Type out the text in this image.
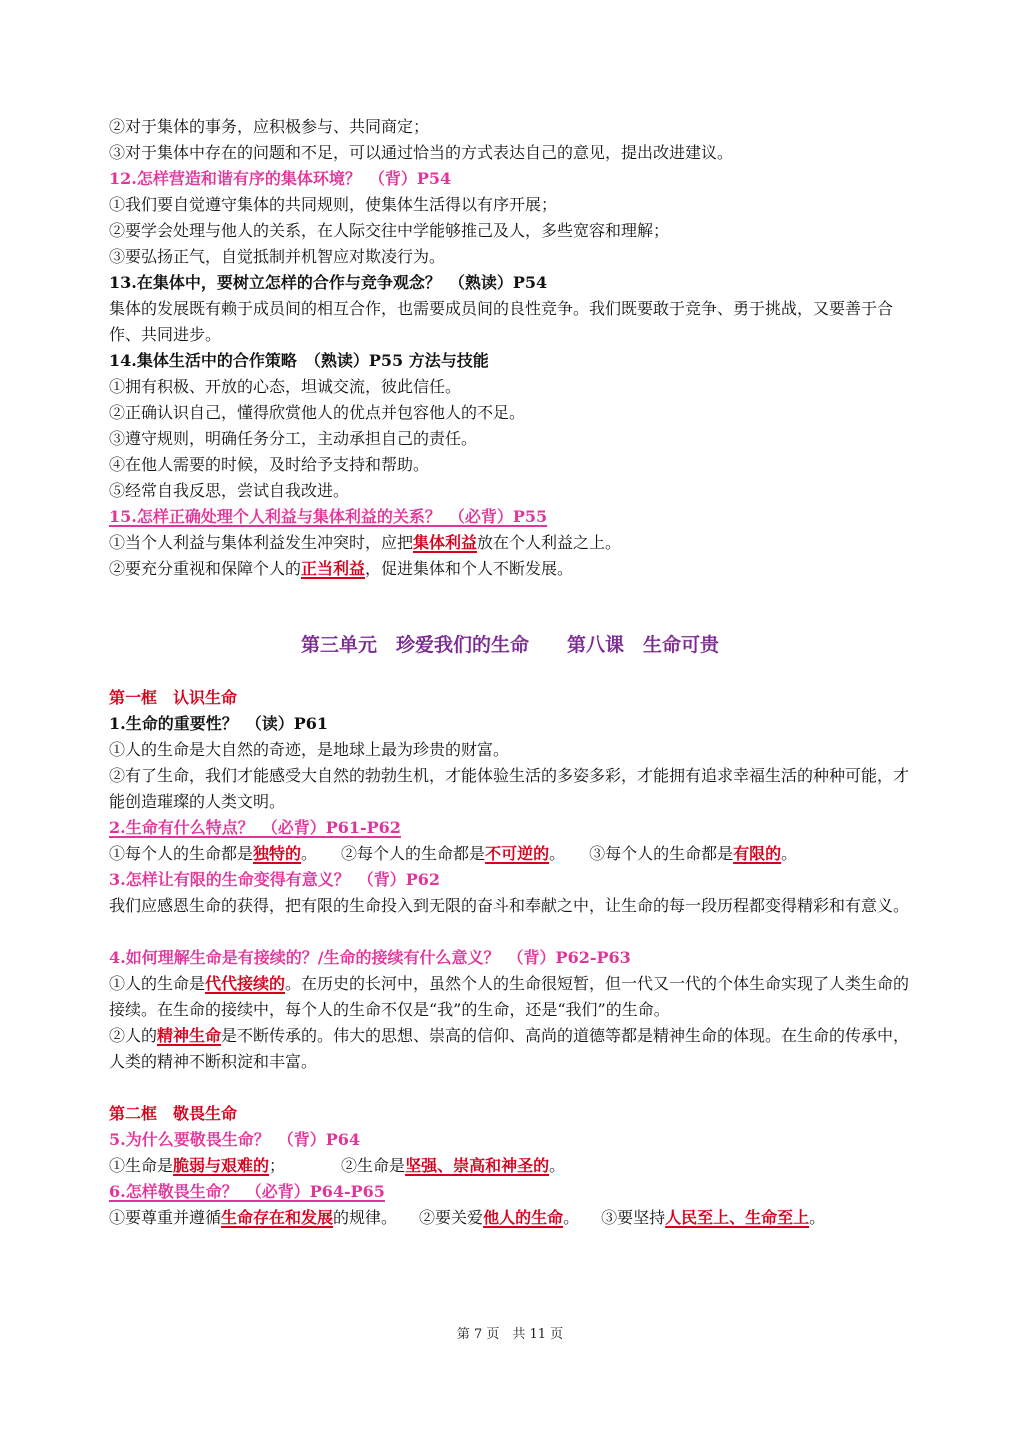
②对于集体的事务，应积极参与、共同商定；
③对于集体中存在的问题和不足，可以通过恰当的方式表达自己的意见，提出改进建议。
12.怎样营造和谐有序的集体环境？　（背）P54
①我们要自觉遵守集体的共同规则，使集体生活得以有序开展；
②要学会处理与他人的关系，在人际交往中学能够推己及人，多些宽容和理解；
③要弘扬正气，自觉抵制并机智应对欺凌行为。
13.在集体中，要树立怎样的合作与竞争观念？　（熟读）P54
集体的发展既有赖于成员间的相互合作，也需要成员间的良性竞争。我们既要敢于竞争、勇于挑战，又要善于合作、共同进步。
14.集体生活中的合作策略　（熟读）P55 方法与技能
①拥有积极、开放的心态，坦诚交流，彼此信任。
②正确认识自己，懂得欣赏他人的优点并包容他人的不足。
③遵守规则，明确任务分工，主动承担自己的责任。
④在他人需要的时候，及时给予支持和帮助。
⑤经常自我反思，尝试自我改进。
15.怎样正确处理个人利益与集体利益的关系？　（必背）P55
①当个人利益与集体利益发生冲突时，应把集体利益放在个人利益之上。
②要充分重视和保障个人的正当利益，促进集体和个人不断发展。
第三单元　珍爱我们的生命　　第八课　生命可贵
第一框　认识生命
1.生命的重要性？　（读）P61
①人的生命是大自然的奇迹，是地球上最为珍贵的财富。
②有了生命，我们才能感受大自然的勃勃生机，才能体验生活的多姿多彩，才能拥有追求幸福生活的种种可能，才能创造璀璨的人类文明。
2.生命有什么特点？　（必背）P61-P62
①每个人的生命都是独特的。 ②每个人的生命都是不可逆的。 ③每个人的生命都是有限的。
3.怎样让有限的生命变得有意义？　（背）P62
我们应感恩生命的获得，把有限的生命投入到无限的奋斗和奉献之中，让生命的每一段历程都变得精彩和有意义。
4.如何理解生命是有接续的？/生命的接续有什么意义？　（背）P62-P63
①人的生命是代代接续的。在历史的长河中，虽然个人的生命很短暂，但一代又一代的个体生命实现了人类生命的接续。在生命的接续中，每个人的生命不仅是“我”的生命，还是“我们”的生命。
②人的精神生命是不断传承的。伟大的思想、崇高的信仰、高尚的道德等都是精神生命的体现。在生命的传承中，人类的精神不断积淀和丰富。
第二框　敬畏生命
5.为什么要敬畏生命？　（背）P64
①生命是脆弱与艰难的；	②生命是坚强、崇高和神圣的。
6.怎样敬畏生命？　（必背）P64-P65
①要尊重并遵循生命存在和发展的规律。 ②要关爱他人的生命。 ③要坚持人民至上、生命至上。
第 7 页　共 11 页
